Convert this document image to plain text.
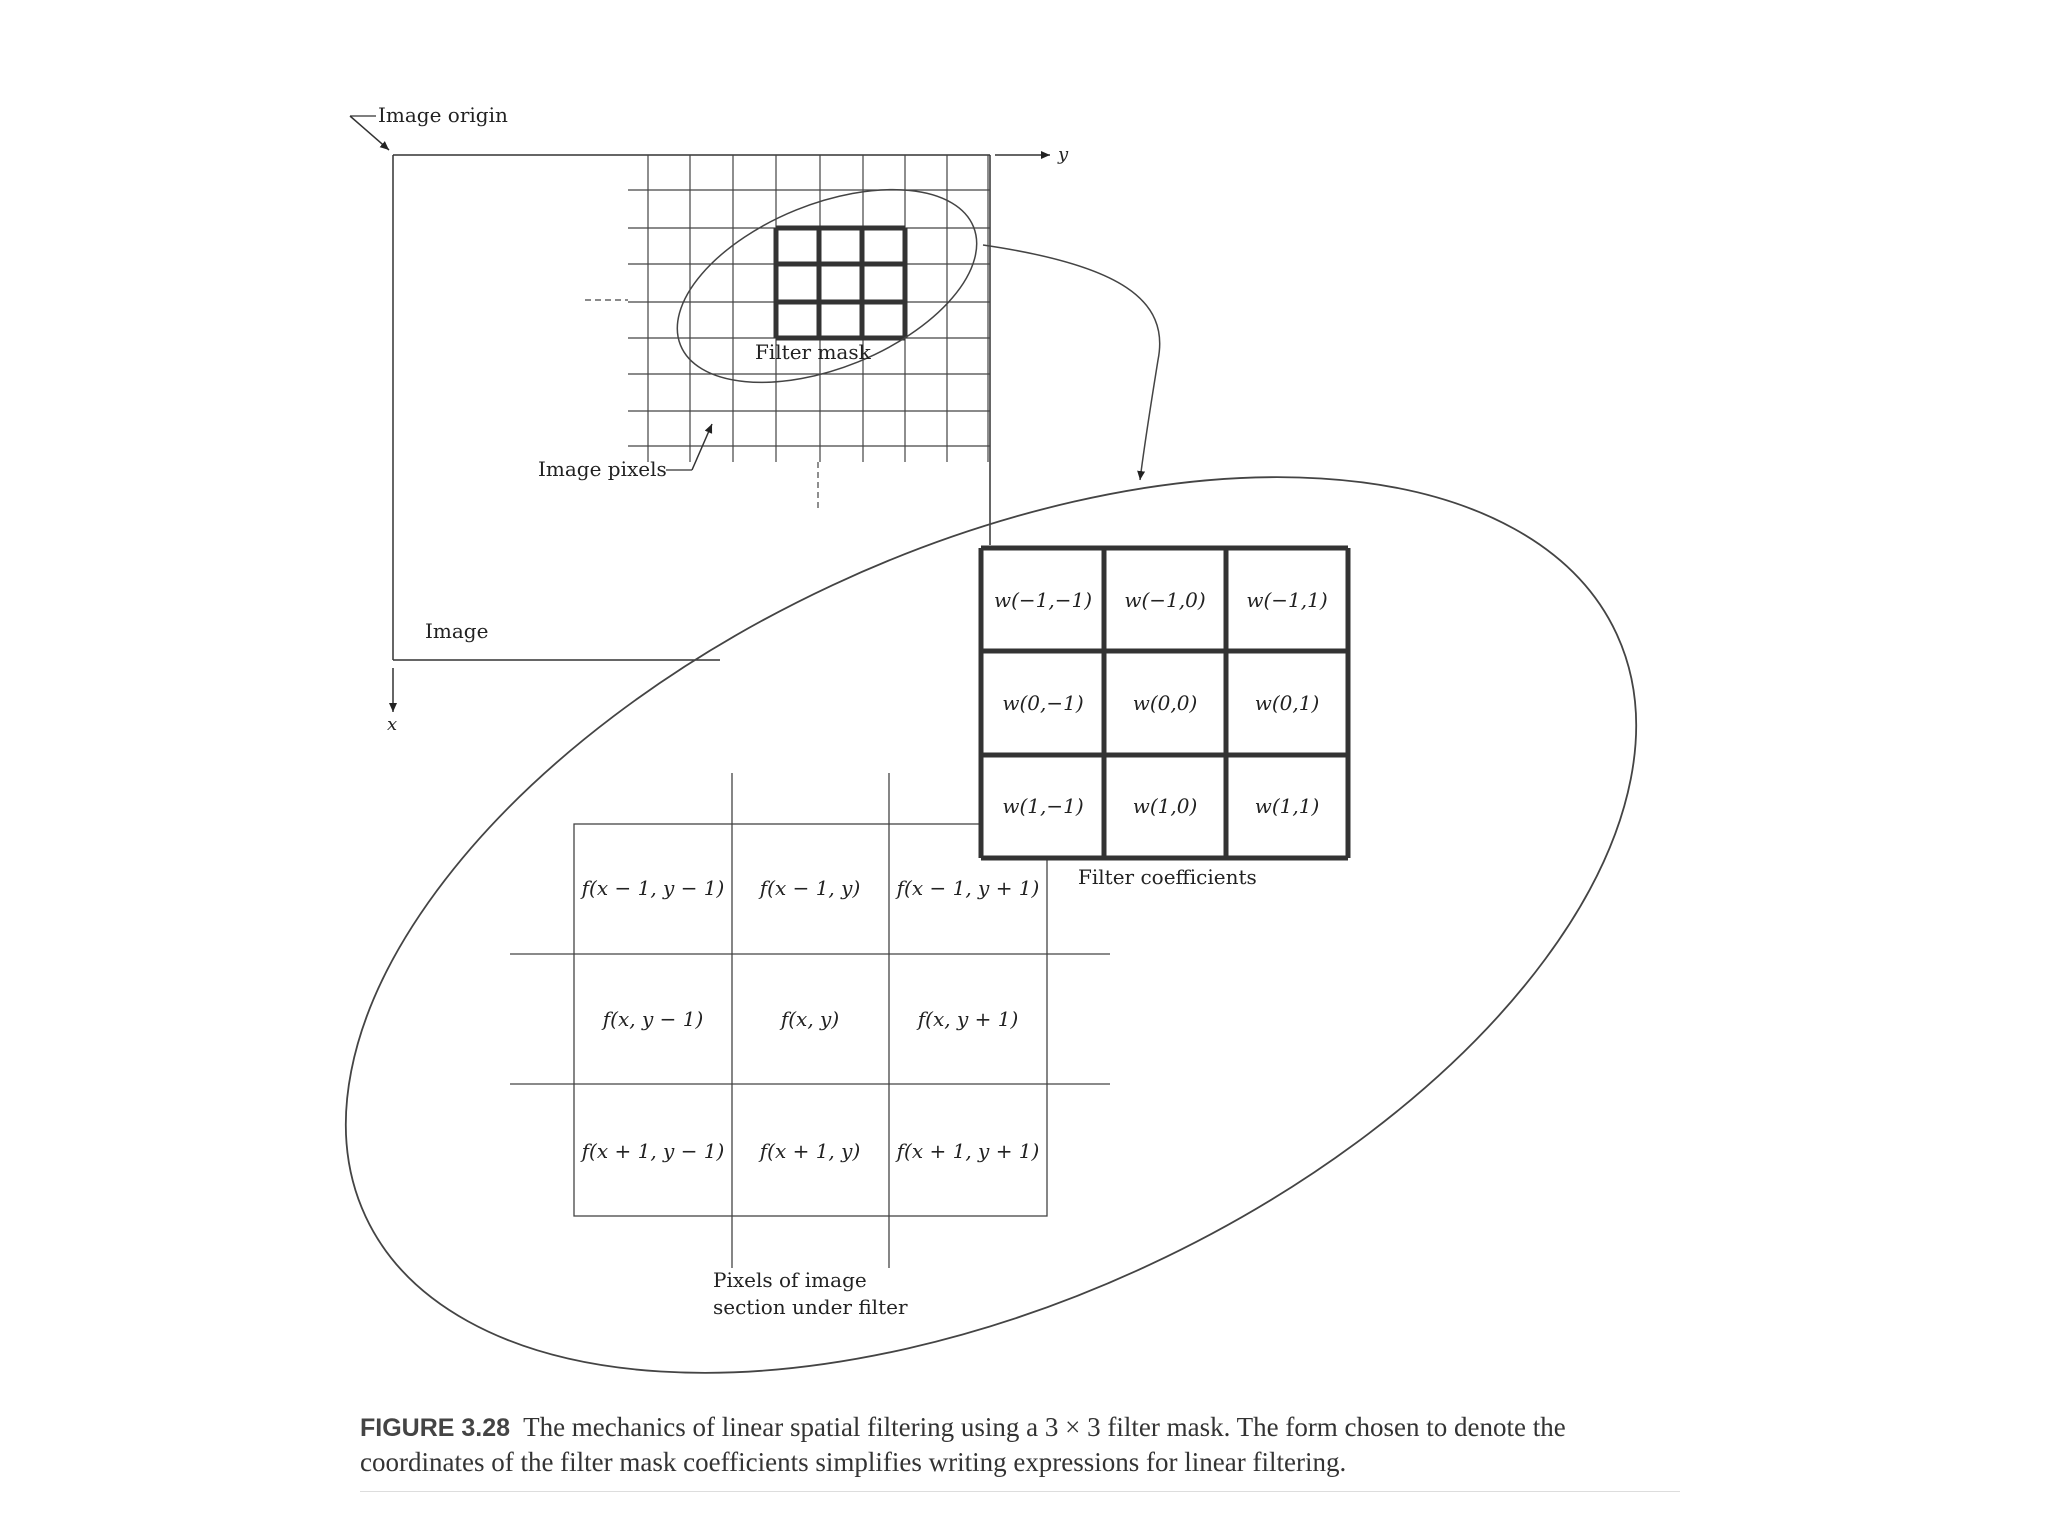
y
x
Image origin
Filter mask
Image pixels
Image
f(x − 1, y − 1) f(x − 1, y) f(x − 1, y + 1)
f(x, y − 1)	f(x, y)	f(x, y + 1)
f(x + 1, y − 1) f(x + 1, y) f(x + 1, y + 1)
w(−1,−1) w(−1,0) w(−1,1)
w(0,−1) w(0,0)	w(0,1)
w(1,−1) w(1,0)	w(1,1)
Filter coefficients
Pixels of image
section under filter
FIGURE 3.28 The mechanics of linear spatial filtering using a 3 × 3 filter mask. The form chosen to denote the coordinates of the filter mask coefficients simplifies writing expressions for linear filtering.
